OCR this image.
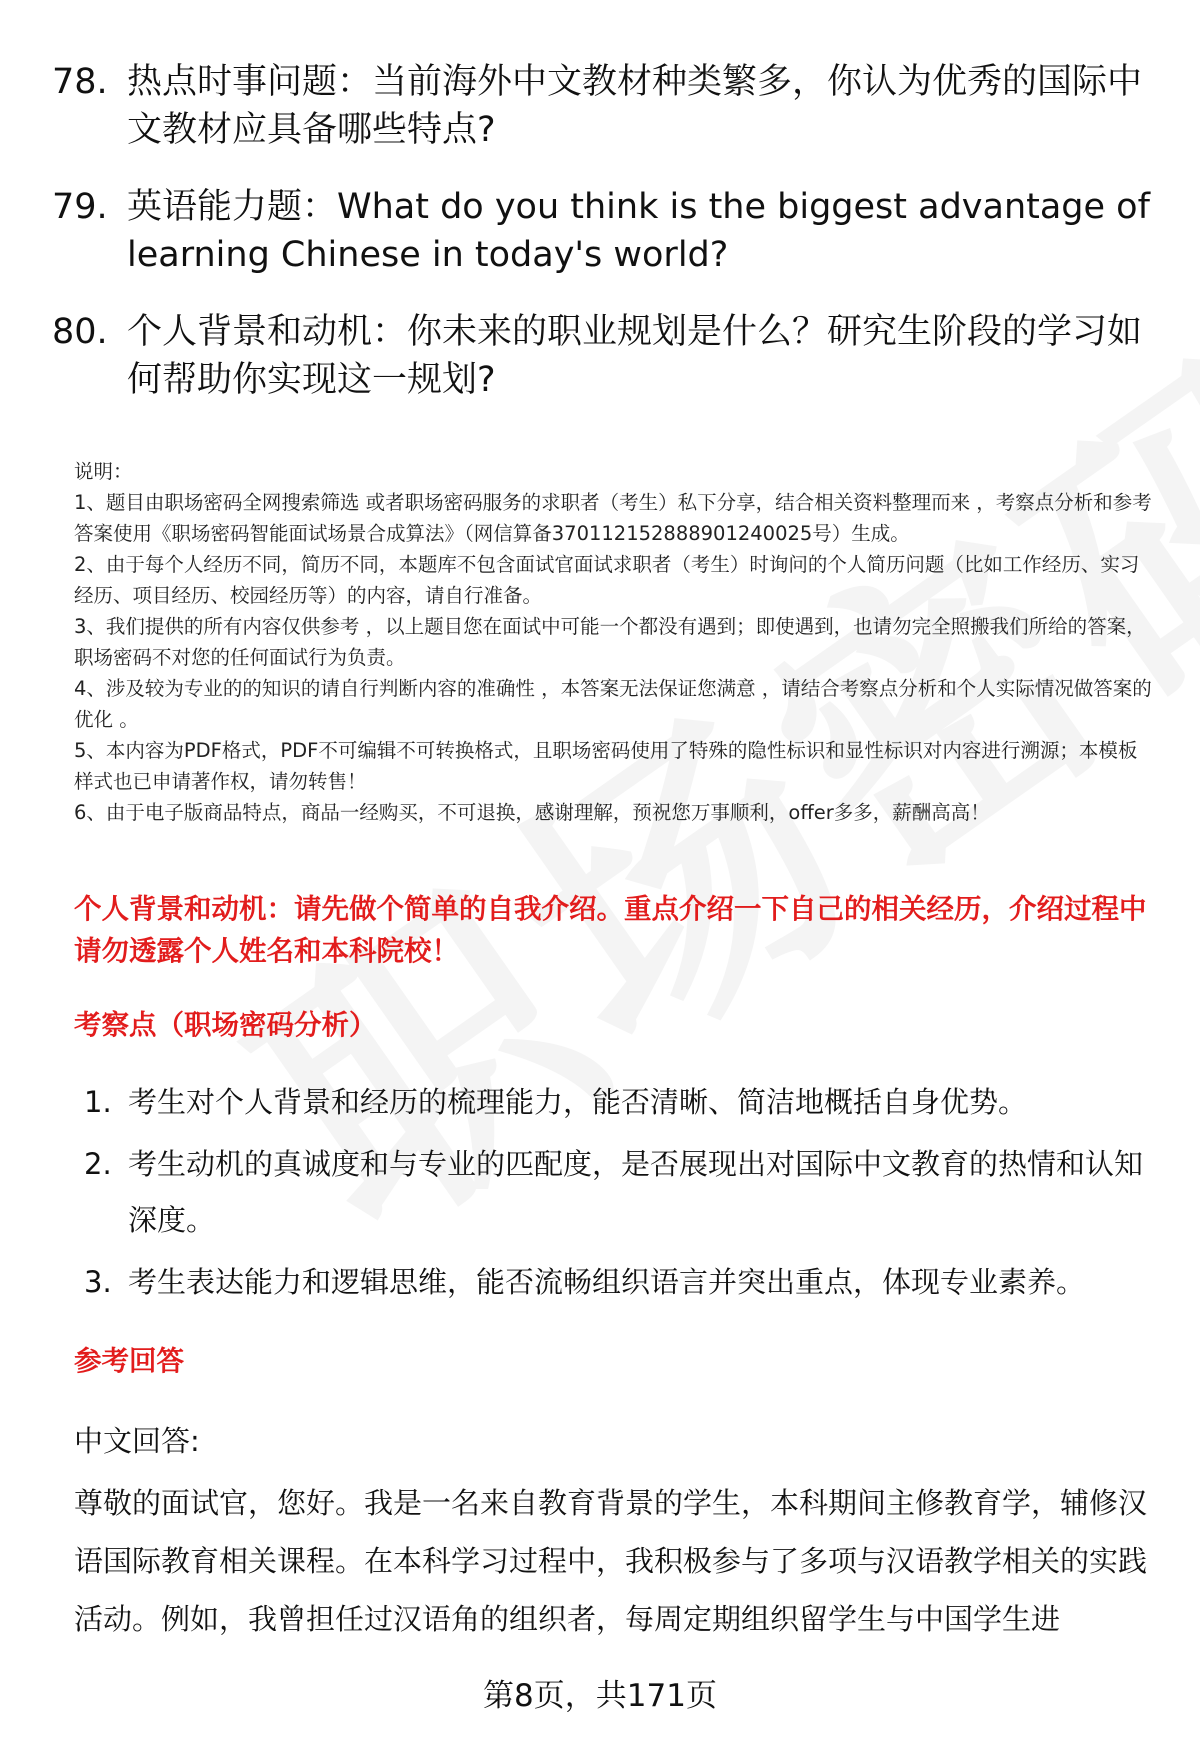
78. 热点时事问题：当前海外中文教材种类繁多，你认为优秀的国际中文教材应具备哪些特点?
79. 英语能力题：What do you think is the biggest advantage of learning Chinese in today's world?
80. 个人背景和动机：你未来的职业规划是什么？研究生阶段的学习如何帮助你实现这一规划?

说明：

1、题目由职场密码全网搜索筛选 或者职场密码服务的求职者（考生）私下分享，结合相关资料整理而来 ，考察点分析和参考答案使用《职场密码智能面试场景合成算法》（网信算备370112152888901240025号）生成。

2、由于每个人经历不同，简历不同，本题库不包含面试官面试求职者（考生）时询问的个人简历问题（比如工作经历、实习经历、项目经历、校园经历等）的内容，请自行准备。

3、我们提供的所有内容仅供参考 ，以上题目您在面试中可能一个都没有遇到；即使遇到，也请勿完全照搬我们所给的答案，职场密码不对您的任何面试行为负责。

4、涉及较为专业的的知识的请自行判断内容的准确性 ，本答案无法保证您满意 ，请结合考察点分析和个人实际情况做答案的优化 。

5、本内容为PDF格式，PDF不可编辑不可转换格式，且职场密码使用了特殊的隐性标识和显性标识对内容进行溯源；本模板样式也已申请著作权，请勿转售！

6、由于电子版商品特点，商品一经购买，不可退换，感谢理解，预祝您万事顺利，offer多多，薪酬高高！

个人背景和动机：请先做个简单的自我介绍。重点介绍一下自己的相关经历，介绍过程中请勿透露个人姓名和本科院校！
考察点（职场密码分析）
1. 考生对个人背景和经历的梳理能力，能否清晰、简洁地概括自身优势。
2. 考生动机的真诚度和与专业的匹配度，是否展现出对国际中文教育的热情和认知深度。
3. 考生表达能力和逻辑思维，能否流畅组织语言并突出重点，体现专业素养。
参考回答

中文回答:

尊敬的面试官，您好。我是一名来自教育背景的学生，本科期间主修教育学，辅修汉语国际教育相关课程。在本科学习过程中，我积极参与了多项与汉语教学相关的实践活动。例如，我曾担任过汉语角的组织者，每周定期组织留学生与中国学生进

第8页，共171页
